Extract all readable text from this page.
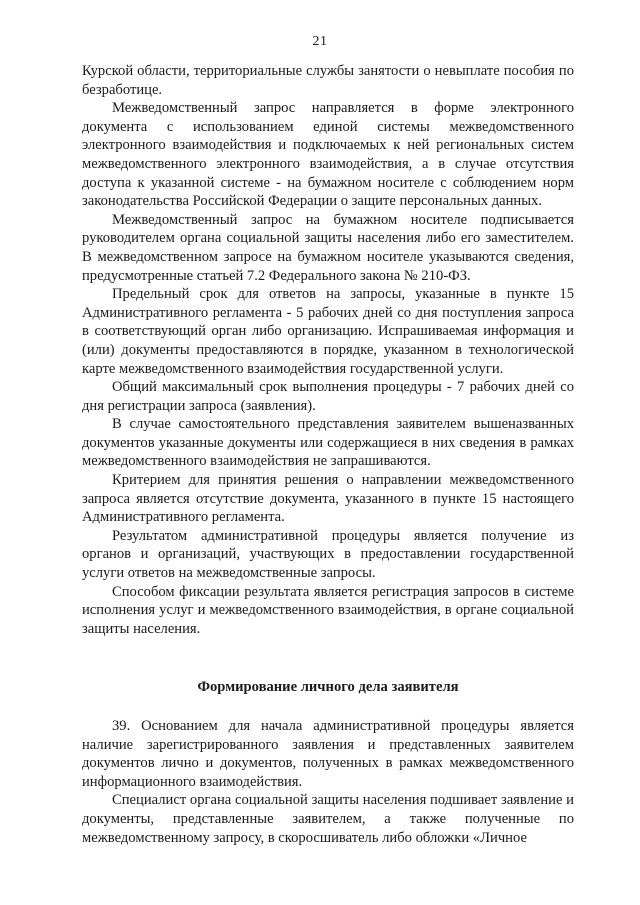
21

Курской области, территориальные службы занятости о невыплате пособия по безработице.

Межведомственный запрос направляется в форме электронного документа с использованием единой системы межведомственного электронного взаимодействия и подключаемых к ней региональных систем межведомственного электронного взаимодействия, а в случае отсутствия доступа к указанной системе - на бумажном носителе с соблюдением норм законодательства Российской Федерации о защите персональных данных.

Межведомственный запрос на бумажном носителе подписывается руководителем органа социальной защиты населения либо его заместителем. В межведомственном запросе на бумажном носителе указываются сведения, предусмотренные статьей 7.2 Федерального закона № 210-ФЗ.

Предельный срок для ответов на запросы, указанные в пункте 15 Административного регламента - 5 рабочих дней со дня поступления запроса в соответствующий орган либо организацию. Испрашиваемая информация и (или) документы предоставляются в порядке, указанном в технологической карте межведомственного взаимодействия государственной услуги.

Общий максимальный срок выполнения процедуры - 7 рабочих дней со дня регистрации запроса (заявления).

В случае самостоятельного представления заявителем вышеназванных документов указанные документы или содержащиеся в них сведения в рамках межведомственного взаимодействия не запрашиваются.

Критерием для принятия решения о направлении межведомственного запроса является отсутствие документа, указанного в пункте 15 настоящего Административного регламента.

Результатом административной процедуры является получение из органов и организаций, участвующих в предоставлении государственной услуги ответов на межведомственные запросы.

Способом фиксации результата является регистрация запросов в системе исполнения услуг и межведомственного взаимодействия, в органе социальной защиты населения.

Формирование личного дела заявителя

39. Основанием для начала административной процедуры является наличие зарегистрированного заявления и представленных заявителем документов лично и документов, полученных в рамках межведомственного информационного взаимодействия.

Специалист органа социальной защиты населения подшивает заявление и документы, представленные заявителем, а также полученные по межведомственному запросу, в скоросшиватель либо обложки «Личное
